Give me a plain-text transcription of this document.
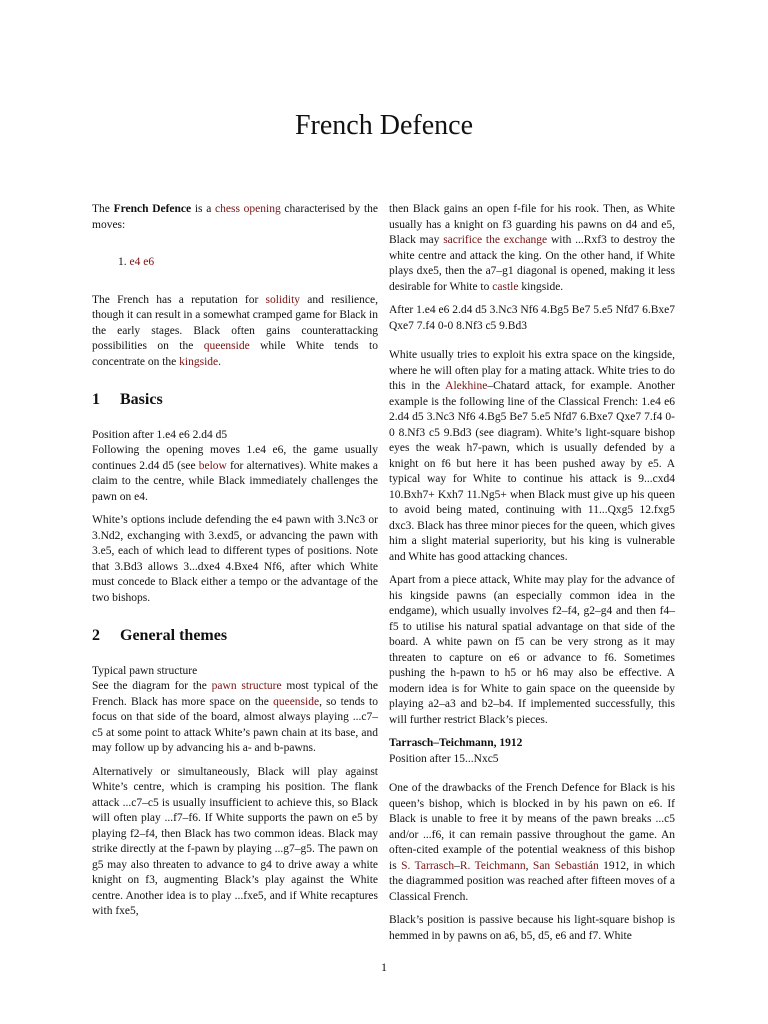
French Defence

The French Defence is a chess opening characterised by the moves:

1. e4 e6

The French has a reputation for solidity and resilience, though it can result in a somewhat cramped game for Black in the early stages. Black often gains counterattacking possibilities on the queenside while White tends to concentrate on the kingside.

1 Basics

Position after 1.e4 e6 2.d4 d5

Following the opening moves 1.e4 e6, the game usually continues 2.d4 d5 (see below for alternatives). White makes a claim to the centre, while Black immediately challenges the pawn on e4.

White’s options include defending the e4 pawn with 3.Nc3 or 3.Nd2, exchanging with 3.exd5, or advancing the pawn with 3.e5, each of which lead to different types of positions. Note that 3.Bd3 allows 3...dxe4 4.Bxe4 Nf6, after which White must concede to Black either a tempo or the advantage of the two bishops.

2 General themes

Typical pawn structure

See the diagram for the pawn structure most typical of the French. Black has more space on the queenside, so tends to focus on that side of the board, almost always playing ...c7–c5 at some point to attack White’s pawn chain at its base, and may follow up by advancing his a- and b-pawns.

Alternatively or simultaneously, Black will play against White’s centre, which is cramping his position. The flank attack ...c7–c5 is usually insufficient to achieve this, so Black will often play ...f7–f6. If White supports the pawn on e5 by playing f2–f4, then Black has two common ideas. Black may strike directly at the f-pawn by playing ...g7–g5. The pawn on g5 may also threaten to advance to g4 to drive away a white knight on f3, augmenting Black’s play against the White centre. Another idea is to play ...fxe5, and if White recaptures with fxe5,

then Black gains an open f-file for his rook. Then, as White usually has a knight on f3 guarding his pawns on d4 and e5, Black may sacrifice the exchange with ...Rxf3 to destroy the white centre and attack the king. On the other hand, if White plays dxe5, then the a7–g1 diagonal is opened, making it less desirable for White to castle kingside.

After 1.e4 e6 2.d4 d5 3.Nc3 Nf6 4.Bg5 Be7 5.e5 Nfd7 6.Bxe7 Qxe7 7.f4 0-0 8.Nf3 c5 9.Bd3

White usually tries to exploit his extra space on the kingside, where he will often play for a mating attack. White tries to do this in the Alekhine–Chatard attack, for example. Another example is the following line of the Classical French: 1.e4 e6 2.d4 d5 3.Nc3 Nf6 4.Bg5 Be7 5.e5 Nfd7 6.Bxe7 Qxe7 7.f4 0-0 8.Nf3 c5 9.Bd3 (see diagram). White’s light-square bishop eyes the weak h7-pawn, which is usually defended by a knight on f6 but here it has been pushed away by e5. A typical way for White to continue his attack is 9...cxd4 10.Bxh7+ Kxh7 11.Ng5+ when Black must give up his queen to avoid being mated, continuing with 11...Qxg5 12.fxg5 dxc3. Black has three minor pieces for the queen, which gives him a slight material superiority, but his king is vulnerable and White has good attacking chances.

Apart from a piece attack, White may play for the advance of his kingside pawns (an especially common idea in the endgame), which usually involves f2–f4, g2–g4 and then f4–f5 to utilise his natural spatial advantage on that side of the board. A white pawn on f5 can be very strong as it may threaten to capture on e6 or advance to f6. Sometimes pushing the h-pawn to h5 or h6 may also be effective. A modern idea is for White to gain space on the queenside by playing a2–a3 and b2–b4. If implemented successfully, this will further restrict Black’s pieces.

Tarrasch–Teichmann, 1912

Position after 15...Nxc5

One of the drawbacks of the French Defence for Black is his queen’s bishop, which is blocked in by his pawn on e6. If Black is unable to free it by means of the pawn breaks ...c5 and/or ...f6, it can remain passive throughout the game. An often-cited example of the potential weakness of this bishop is S. Tarrasch–R. Teichmann, San Sebastián 1912, in which the diagrammed position was reached after fifteen moves of a Classical French.

Black’s position is passive because his light-square bishop is hemmed in by pawns on a6, b5, d5, e6 and f7. White

1
